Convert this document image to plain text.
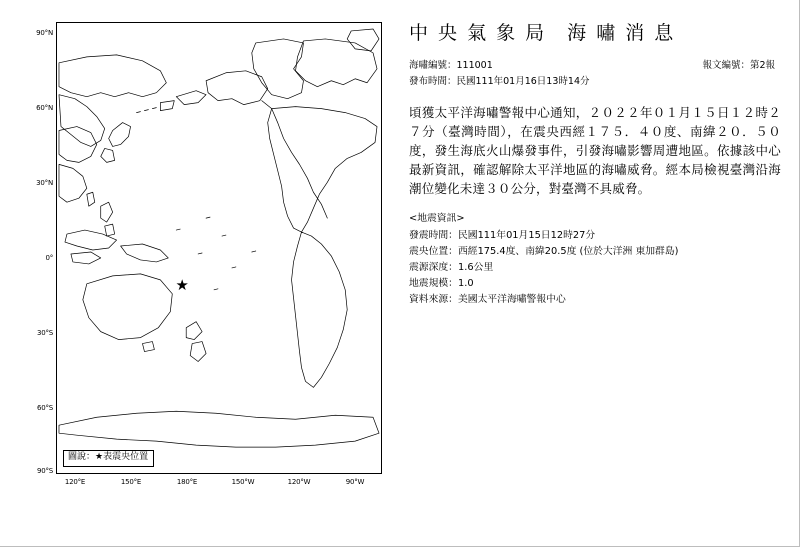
★
90°N
60°N
30°N
0°
30°S
60°S
90°S
120°E	150°E	180°E	150°W	120°W	90°W
圖說：★表震央位置
中 央 氣 象 局　海 嘯 消 息
海嘯編號：111001	報文編號：第2報
發布時間：民國111年01月16日13時14分
頃獲太平洋海嘯警報中心通知，２０２２年０１月１５日１２時２７分（臺灣時間），在震央西經１７５．４０度、南緯２０．５０度，發生海底火山爆發事件，引發海嘯影響周遭地區。依據該中心最新資訊，確認解除太平洋地區的海嘯威脅。經本局檢視臺灣沿海潮位變化未達３０公分，對臺灣不具威脅。
<地震資訊>
發震時間：民國111年01月15日12時27分
震央位置：西經175.4度、南緯20.5度 (位於大洋洲 東加群島)
震源深度：1.6公里
地震規模：1.0
資料來源：美國太平洋海嘯警報中心
